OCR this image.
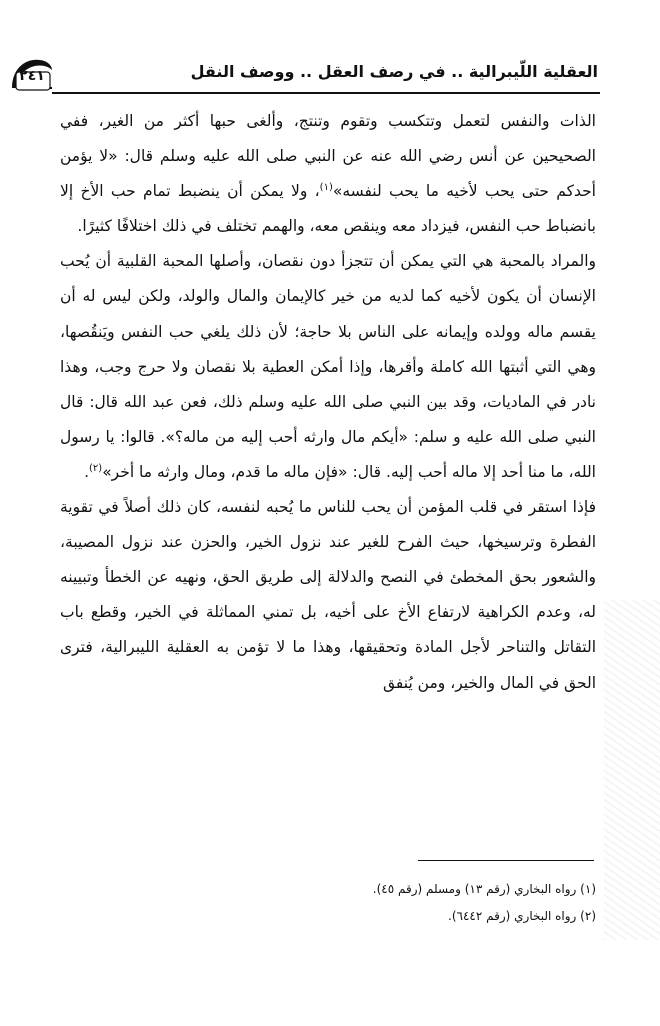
٢٤١	العقلية اللّيبرالية .. في رصف العقل .. ووصف النقل

الذات والنفس لتعمل وتتكسب وتقوم وتنتج، وألغى حبها أكثر من الغير، ففي الصحيحين عن أنس رضي الله عنه عن النبي صلى الله عليه وسلم قال: «لا يؤمن أحدكم حتى يحب لأخيه ما يحب لنفسه»$^{(١)}$، ولا يمكن أن ينضبط تمام حب الأخ إلا بانضباط حب النفس، فيزداد معه وينقص معه، والهمم تختلف في ذلك اختلافًا كثيرًا.

والمراد بالمحبة هي التي يمكن أن تتجزأ دون نقصان، وأصلها المحبة القلبية أن يُحب الإنسان أن يكون لأخيه كما لديه من خير كالإيمان والمال والولد، ولكن ليس له أن يقسم ماله وولده وإيمانه على الناس بلا حاجة؛ لأن ذلك يلغي حب النفس ويَنقُصها، وهي التي أثبتها الله كاملة وأقرها، وإذا أمكن العطية بلا نقصان ولا حرج وجب، وهذا نادر في الماديات، وقد بين النبي صلى الله عليه وسلم ذلك، فعن عبد الله قال: قال النبي صلى الله عليه و سلم: «أيكم مال وارثه أحب إليه من ماله؟». قالوا: يا رسول الله، ما منا أحد إلا ماله أحب إليه. قال: «فإن ماله ما قدم، ومال وارثه ما أخر»$^{(٢)}$.

فإذا استقر في قلب المؤمن أن يحب للناس ما يُحبه لنفسه، كان ذلك أصلاً في تقوية الفطرة وترسيخها، حيث الفرح للغير عند نزول الخير، والحزن عند نزول المصيبة، والشعور بحق المخطئ في النصح والدلالة إلى طريق الحق، ونهيه عن الخطأ وتبيينه له، وعدم الكراهية لارتفاع الأخ على أخيه، بل تمني المماثلة في الخير، وقطع باب التقاتل والتناحر لأجل المادة وتحقيقها، وهذا ما لا تؤمن به العقلية الليبرالية، فترى الحق في المال والخير، ومن يُنفق

(١) رواه البخاري (رقم ١٣) ومسلم (رقم ٤٥).
(٢) رواه البخاري (رقم ٦٤٤٢).
